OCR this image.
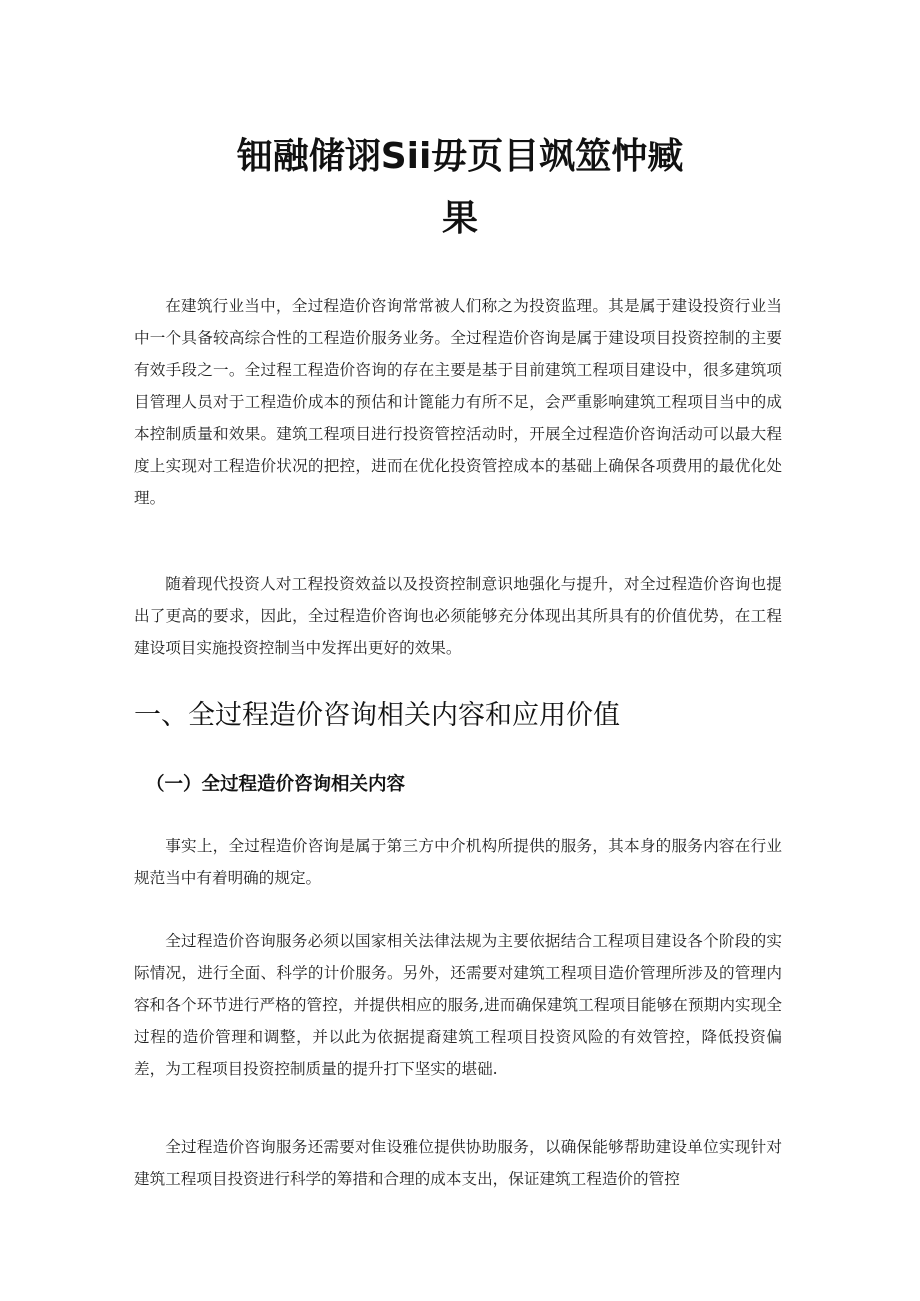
钿融储诩Sii毋页目飒筮忡臧
果

在建筑行业当中，全过程造价咨询常常被人们称之为投资监理。其是属于建设投资行业当中一个具备较高综合性的工程造价服务业务。全过程造价咨询是属于建设项目投资控制的主要有效手段之一。全过程工程造价咨询的存在主要是基于目前建筑工程项目建设中，很多建筑项目管理人员对于工程造价成本的预估和计篦能力有所不足，会严重影响建筑工程项目当中的成本控制质量和效果。建筑工程项目进行投资管控活动时，开展全过程造价咨询活动可以最大程度上实现对工程造价状况的把控，进而在优化投资管控成本的基础上确保各项费用的最优化处理。

随着现代投资人对工程投资效益以及投资控制意识地强化与提升，对全过程造价咨询也提出了更高的要求，因此，全过程造价咨询也必须能够充分体现出其所具有的价值优势，在工程建设项目实施投资控制当中发挥出更好的效果。

一、全过程造价咨询相关内容和应用价值
（一）全过程造价咨询相关内容

事实上，全过程造价咨询是属于第三方中介机构所提供的服务，其本身的服务内容在行业规范当中有着明确的规定。

全过程造价咨询服务必须以国家相关法律法规为主要依据结合工程项目建设各个阶段的实际情况，进行全面、科学的计价服务。另外，还需要对建筑工程项目造价管理所涉及的管理内容和各个环节进行严格的管控，并提供相应的服务,进而确保建筑工程项目能够在预期内实现全过程的造价管理和调整，并以此为依据提裔建筑工程项目投资风险的有效管控，降低投资偏差，为工程项目投资控制质量的提升打下坚实的堪础.

全过程造价咨询服务还需要对隹设雅位提供协助服务，以确保能够帮助建设单位实现针对建筑工程项目投资进行科学的筹措和合理的成本支出，保证建筑工程造价的管控
